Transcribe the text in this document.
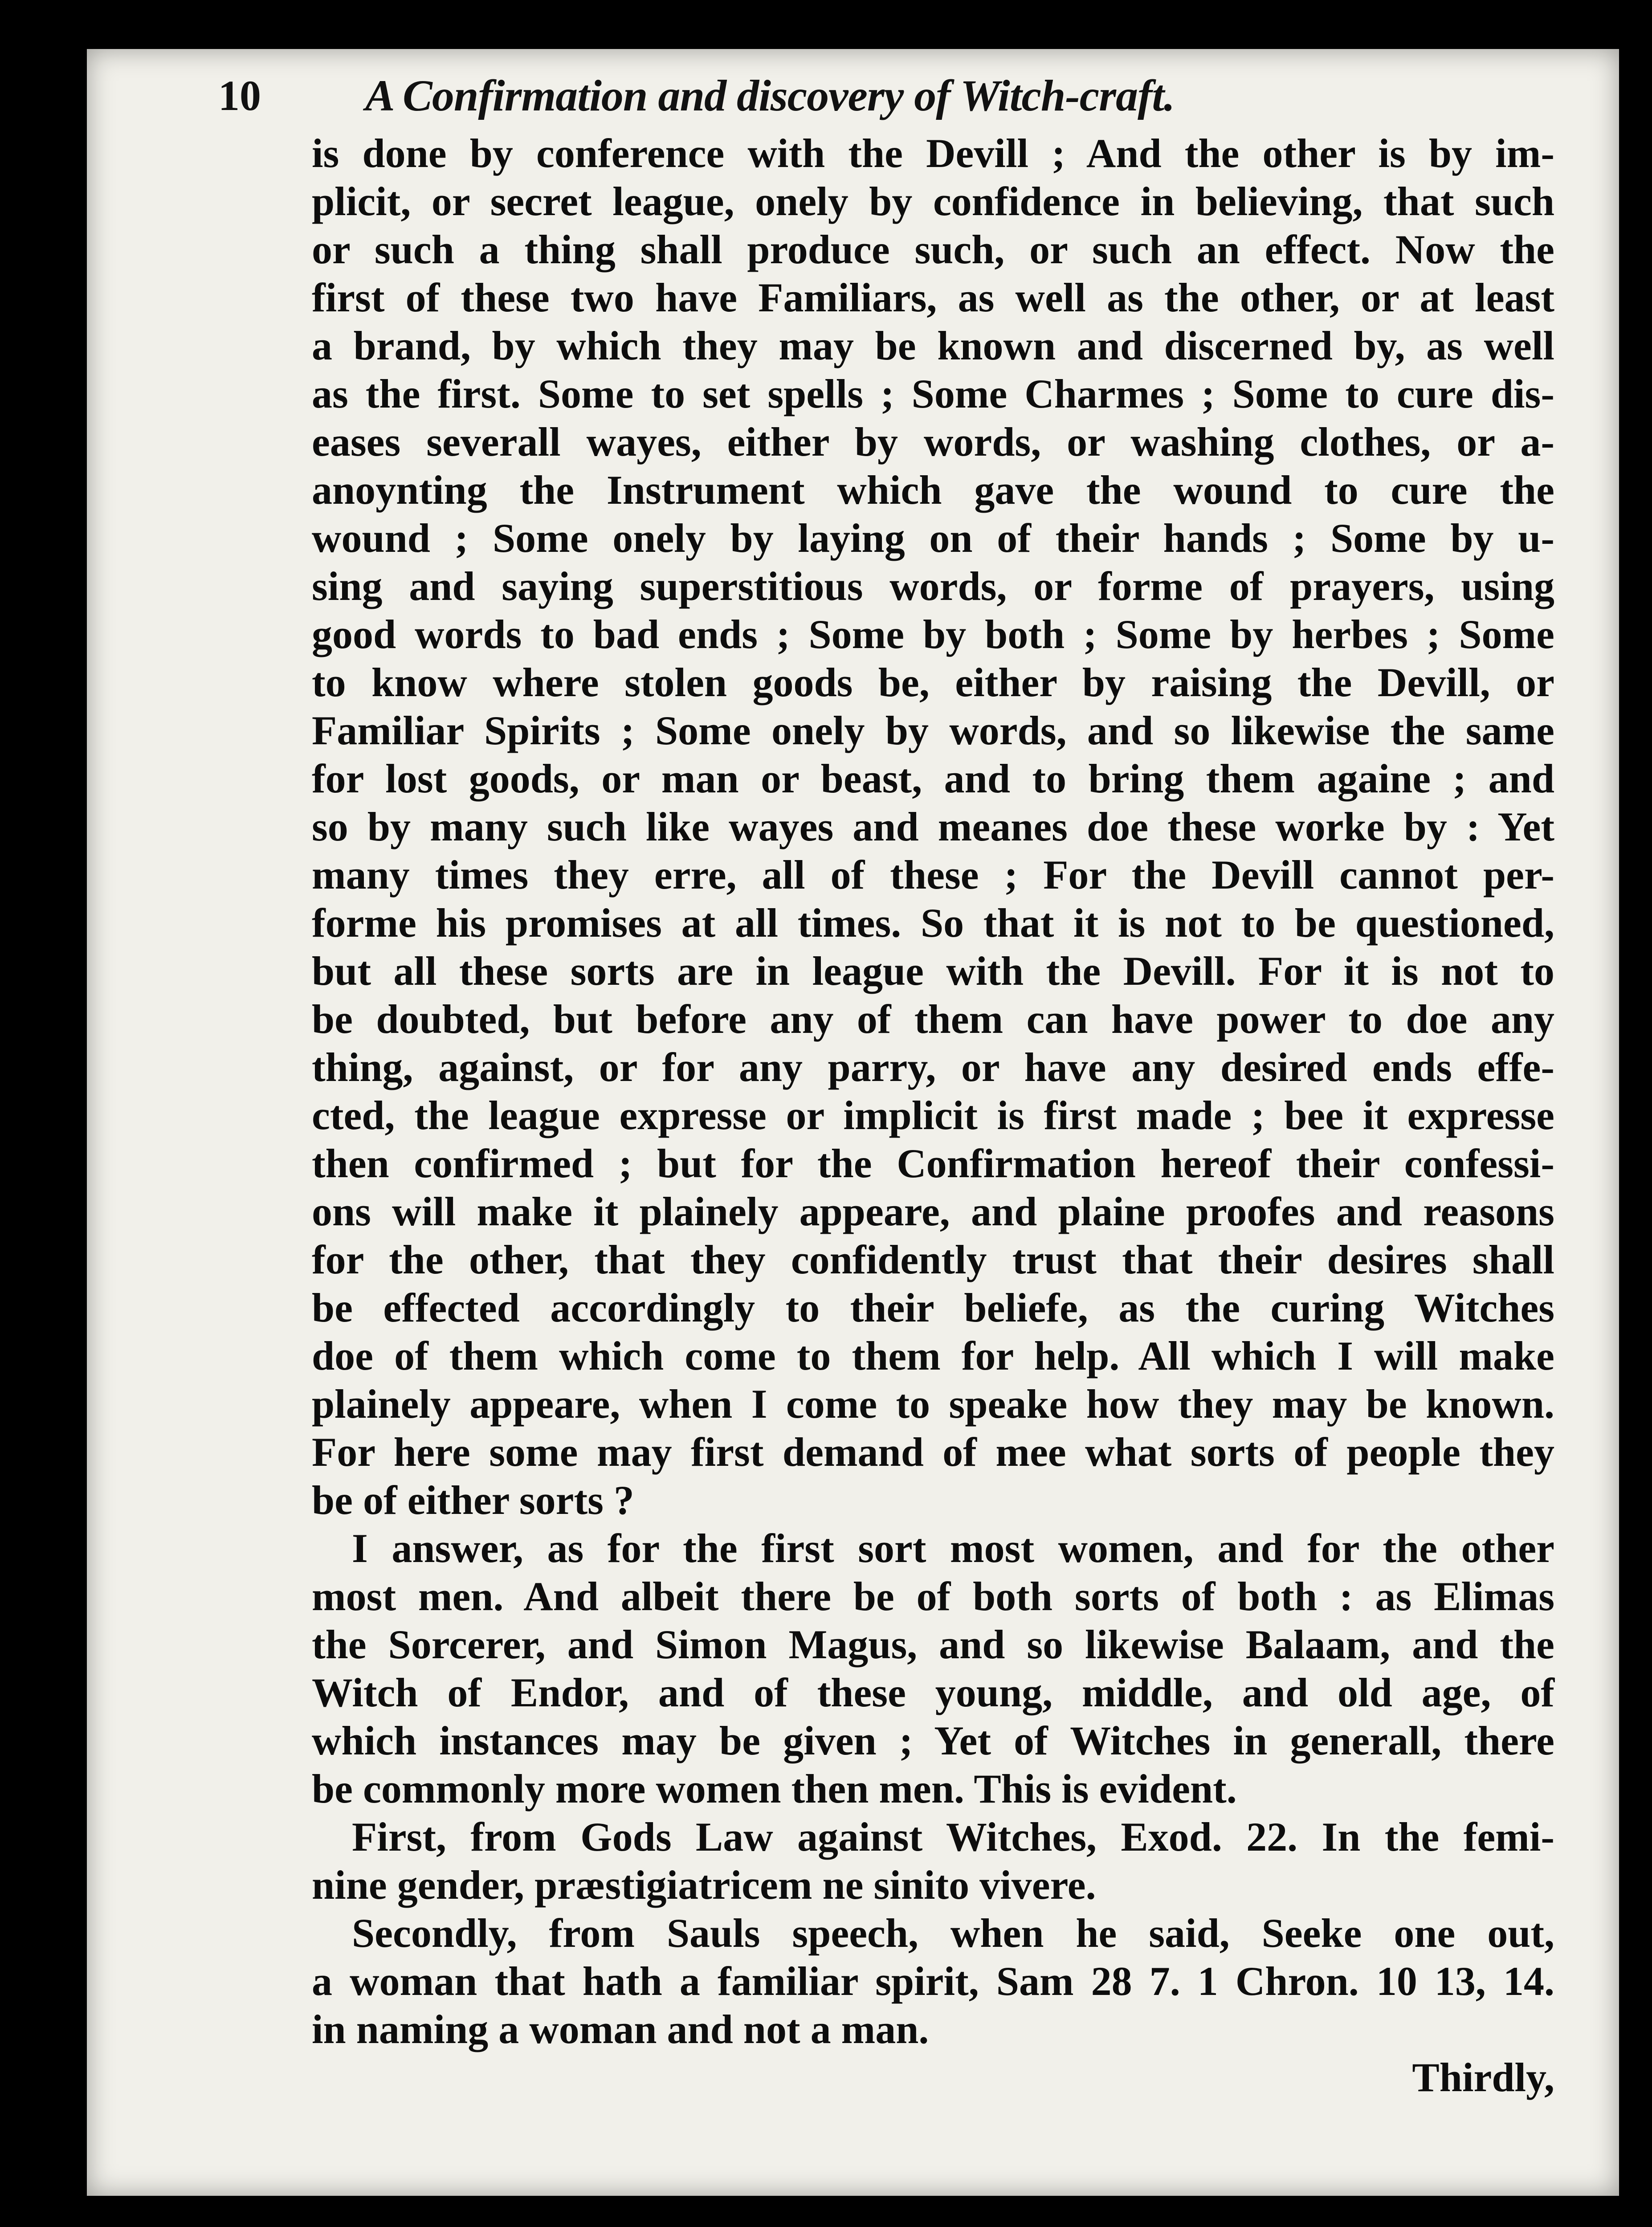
10 A Confirmation and discovery of Witch-craft.
is done by conference with the Devill ; And the other is by im-
plicit, or secret league, onely by confidence in believing, that such
or such a thing shall produce such, or such an effect. Now the
first of these two have Familiars, as well as the other, or at least
a brand, by which they may be known and discerned by, as well
as the first. Some to set spells ; Some Charmes ; Some to cure dis-
eases severall wayes, either by words, or washing clothes, or a-
anoynting the Instrument which gave the wound to cure the
wound ; Some onely by laying on of their hands ; Some by u-
sing and saying superstitious words, or forme of prayers, using
good words to bad ends ; Some by both ; Some by herbes ; Some
to know where stolen goods be, either by raising the Devill, or
Familiar Spirits ; Some onely by words, and so likewise the same
for lost goods, or man or beast, and to bring them againe ; and
so by many such like wayes and meanes doe these worke by : Yet
many times they erre, all of these ; For the Devill cannot per-
forme his promises at all times. So that it is not to be questioned,
but all these sorts are in league with the Devill. For it is not to
be doubted, but before any of them can have power to doe any
thing, against, or for any parry, or have any desired ends effe-
cted, the league expresse or implicit is first made ; bee it expresse
then confirmed ; but for the Confirmation hereof their confessi-
ons will make it plainely appeare, and plaine proofes and reasons
for the other, that they confidently trust that their desires shall
be effected accordingly to their beliefe, as the curing Witches
doe of them which come to them for help. All which I will make
plainely appeare, when I come to speake how they may be known.
For here some may first demand of mee what sorts of people they
be of either sorts ?
I answer, as for the first sort most women, and for the other
most men. And albeit there be of both sorts of both : as Elimas
the Sorcerer, and Simon Magus, and so likewise Balaam, and the
Witch of Endor, and of these young, middle, and old age, of
which instances may be given ; Yet of Witches in generall, there
be commonly more women then men. This is evident.
First, from Gods Law against Witches, Exod. 22. In the femi-
nine gender, præstigiatricem ne sinito vivere.
Secondly, from Sauls speech, when he said, Seeke one out,
a woman that hath a familiar spirit, Sam 28 7. 1 Chron. 10 13, 14.
in naming a woman and not a man.
Thirdly,
